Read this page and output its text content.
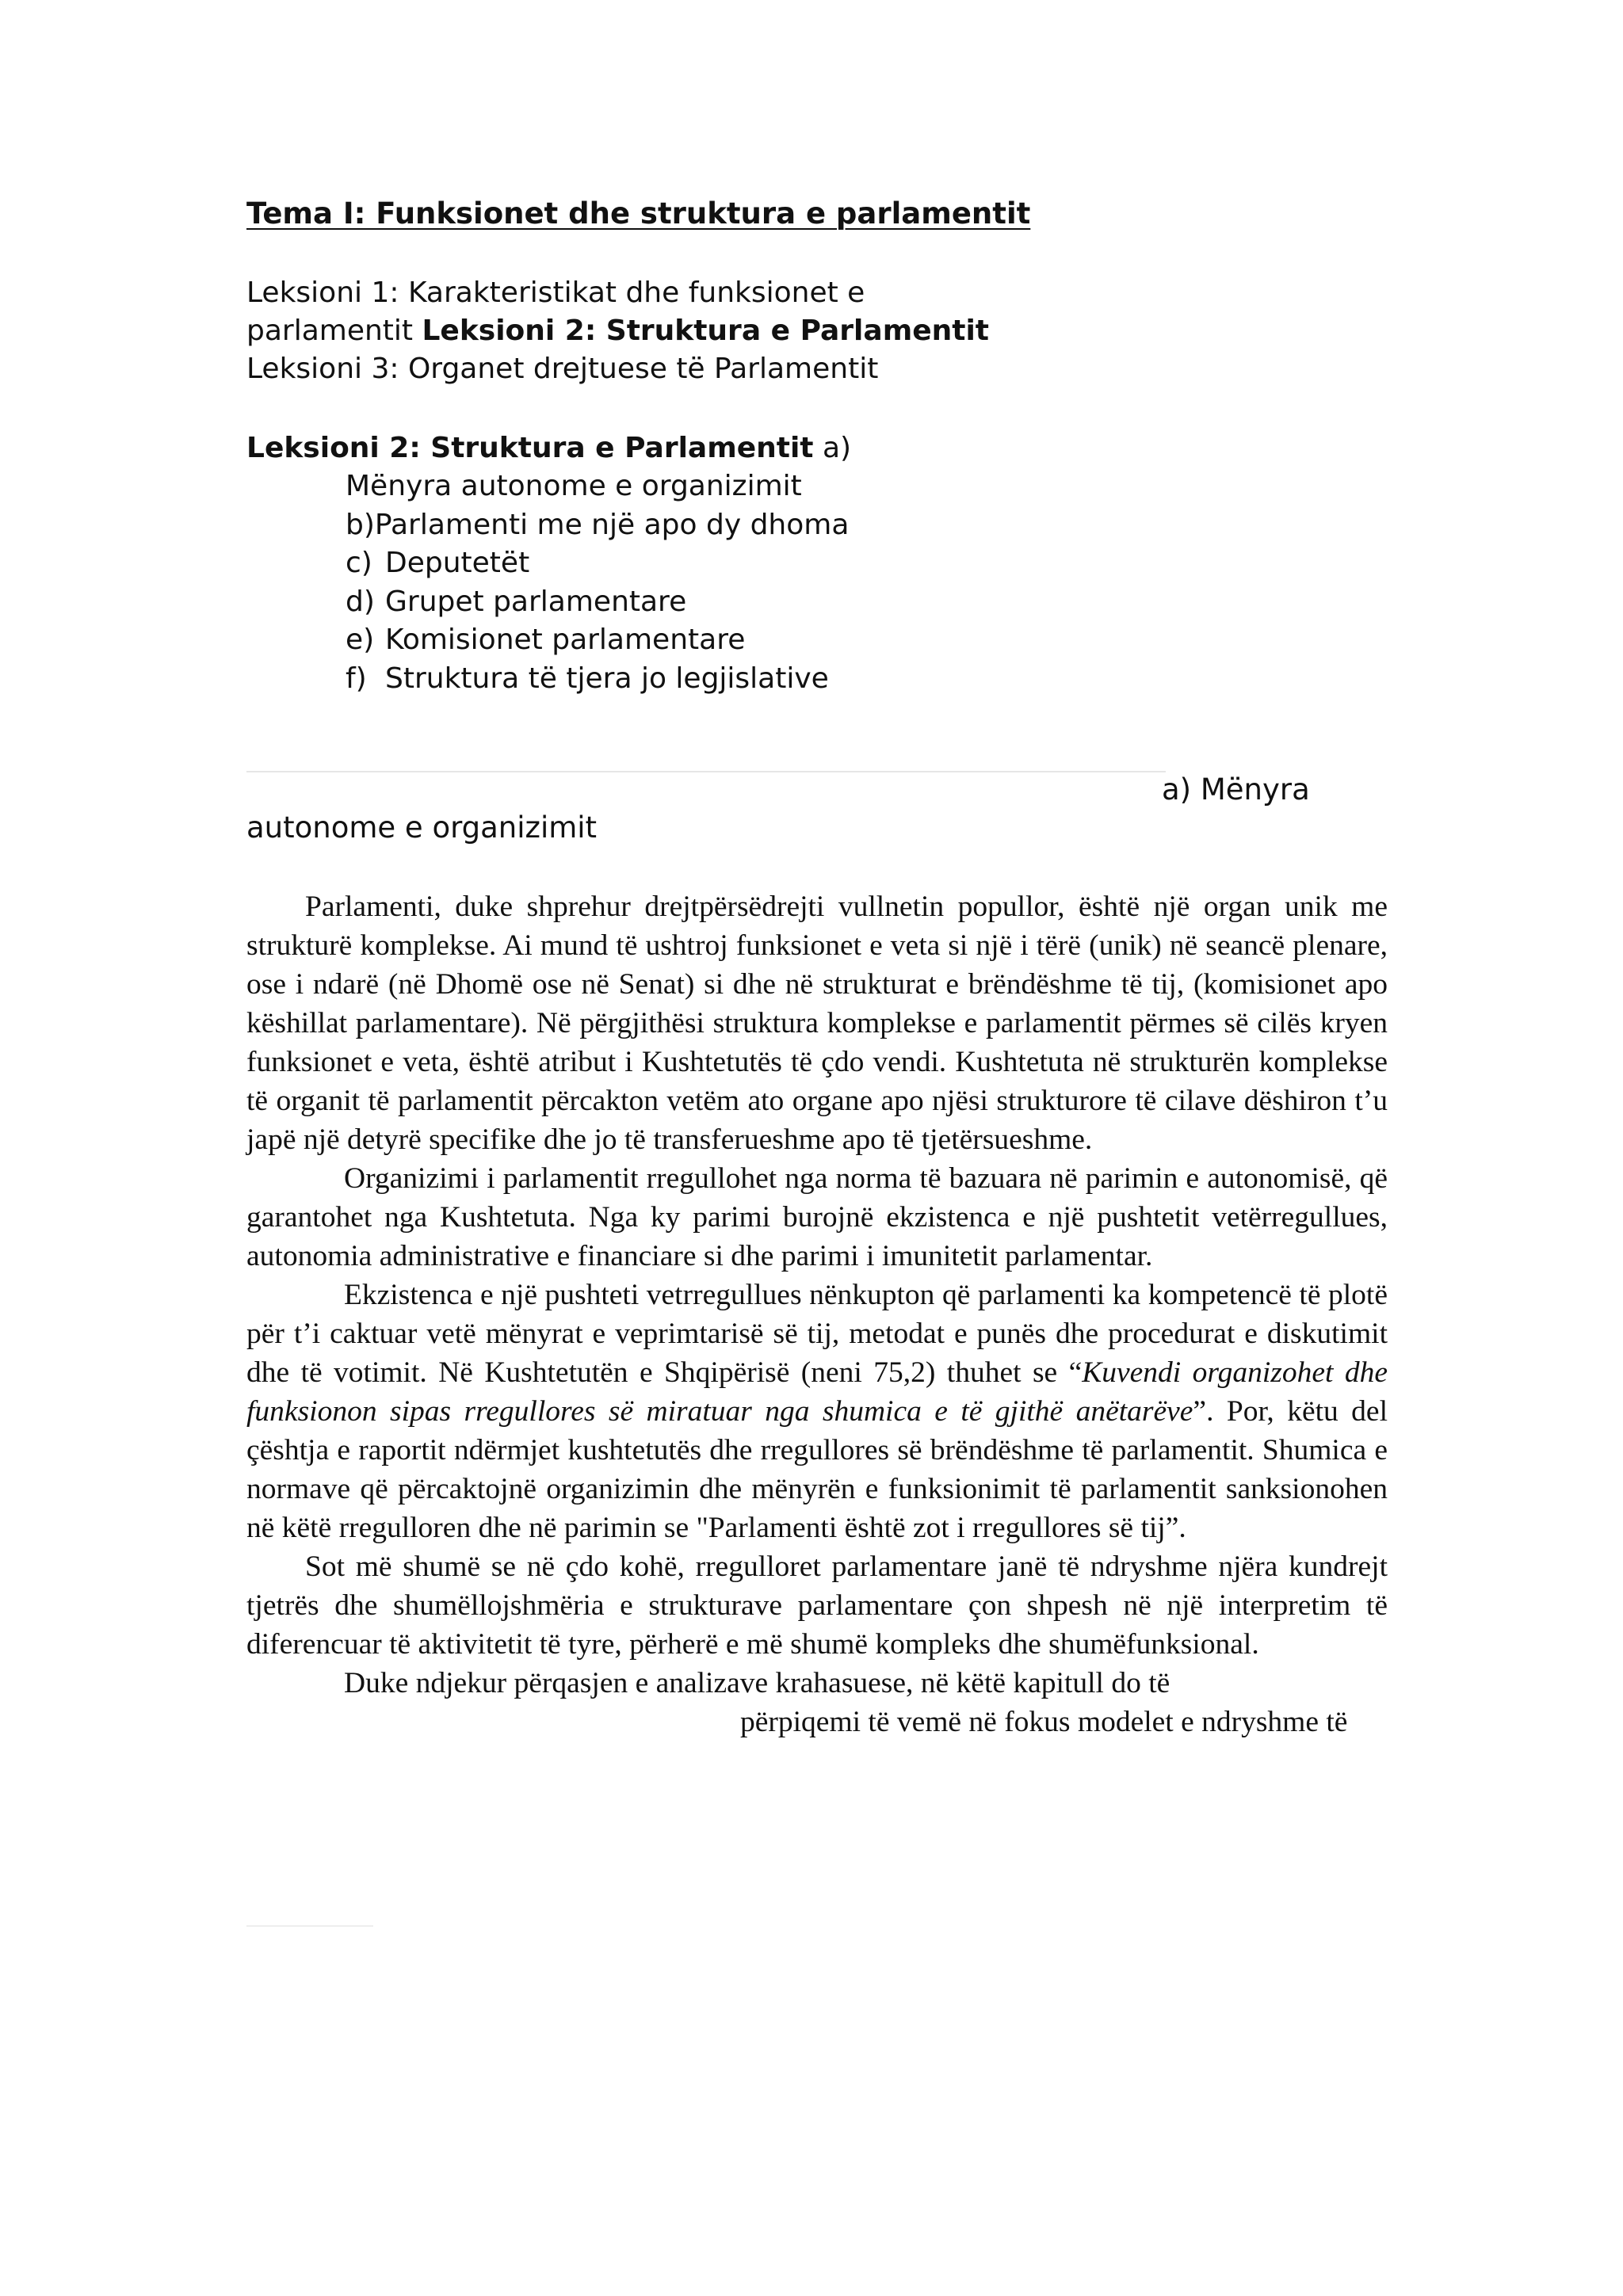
Tema I: Funksionet dhe struktura e parlamentit
Leksioni 1: Karakteristikat dhe funksionet e
parlamentit Leksioni 2: Struktura e Parlamentit
Leksioni 3: Organet drejtuese të Parlamentit
Leksioni 2: Struktura e Parlamentit a)
Mënyra autonome e organizimit
b)Parlamenti me një apo dy dhoma
c) Deputetët
d) Grupet parlamentare
e) Komisionet parlamentare
f) Struktura të tjera jo legjislative
a) Mënyra
autonome e organizimit

Parlamenti, duke shprehur drejtpërsëdrejti vullnetin popullor, është një organ unik me strukturë komplekse. Ai mund të ushtroj funksionet e veta si një i tërë (unik) në seancë plenare, ose i ndarë (në Dhomë ose në Senat) si dhe në strukturat e brëndëshme të tij, (komisionet apo këshillat parlamentare). Në përgjithësi struktura komplekse e parlamentit përmes së cilës kryen funksionet e veta, është atribut i Kushtetutës të çdo vendi. Kushtetuta në strukturën komplekse të organit të parlamentit përcakton vetëm ato organe apo njësi strukturore të cilave dëshiron t’u japë një detyrë specifike dhe jo të transferueshme apo të tjetërsueshme.

Organizimi i parlamentit rregullohet nga norma të bazuara në parimin e autonomisë, që garantohet nga Kushtetuta. Nga ky parimi burojnë ekzistenca e një pushtetit vetërregullues, autonomia administrative e financiare si dhe parimi i imunitetit parlamentar.

Ekzistenca e një pushteti vetrregullues nënkupton që parlamenti ka kompetencë të plotë për t’i caktuar vetë mënyrat e veprimtarisë së tij, metodat e punës dhe procedurat e diskutimit dhe të votimit. Në Kushtetutën e Shqipërisë (neni 75,2) thuhet se “Kuvendi organizohet dhe funksionon sipas rregullores së miratuar nga shumica e të gjithë anëtarëve”. Por, këtu del çështja e raportit ndërmjet kushtetutës dhe rregullores së brëndëshme të parlamentit. Shumica e normave që përcaktojnë organizimin dhe mënyrën e funksionimit të parlamentit sanksionohen në këtë rregulloren dhe në parimin se "Parlamenti është zot i rregullores së tij”.

Sot më shumë se në çdo kohë, rregulloret parlamentare janë të ndryshme njëra kundrejt tjetrës dhe shumëllojshmëria e strukturave parlamentare çon shpesh në një interpretim të diferencuar të aktivitetit të tyre, përherë e më shumë kompleks dhe shumëfunksional.

Duke ndjekur përqasjen e analizave krahasuese, në këtë kapitull do të
përpiqemi të vemë në fokus modelet e ndryshme të
